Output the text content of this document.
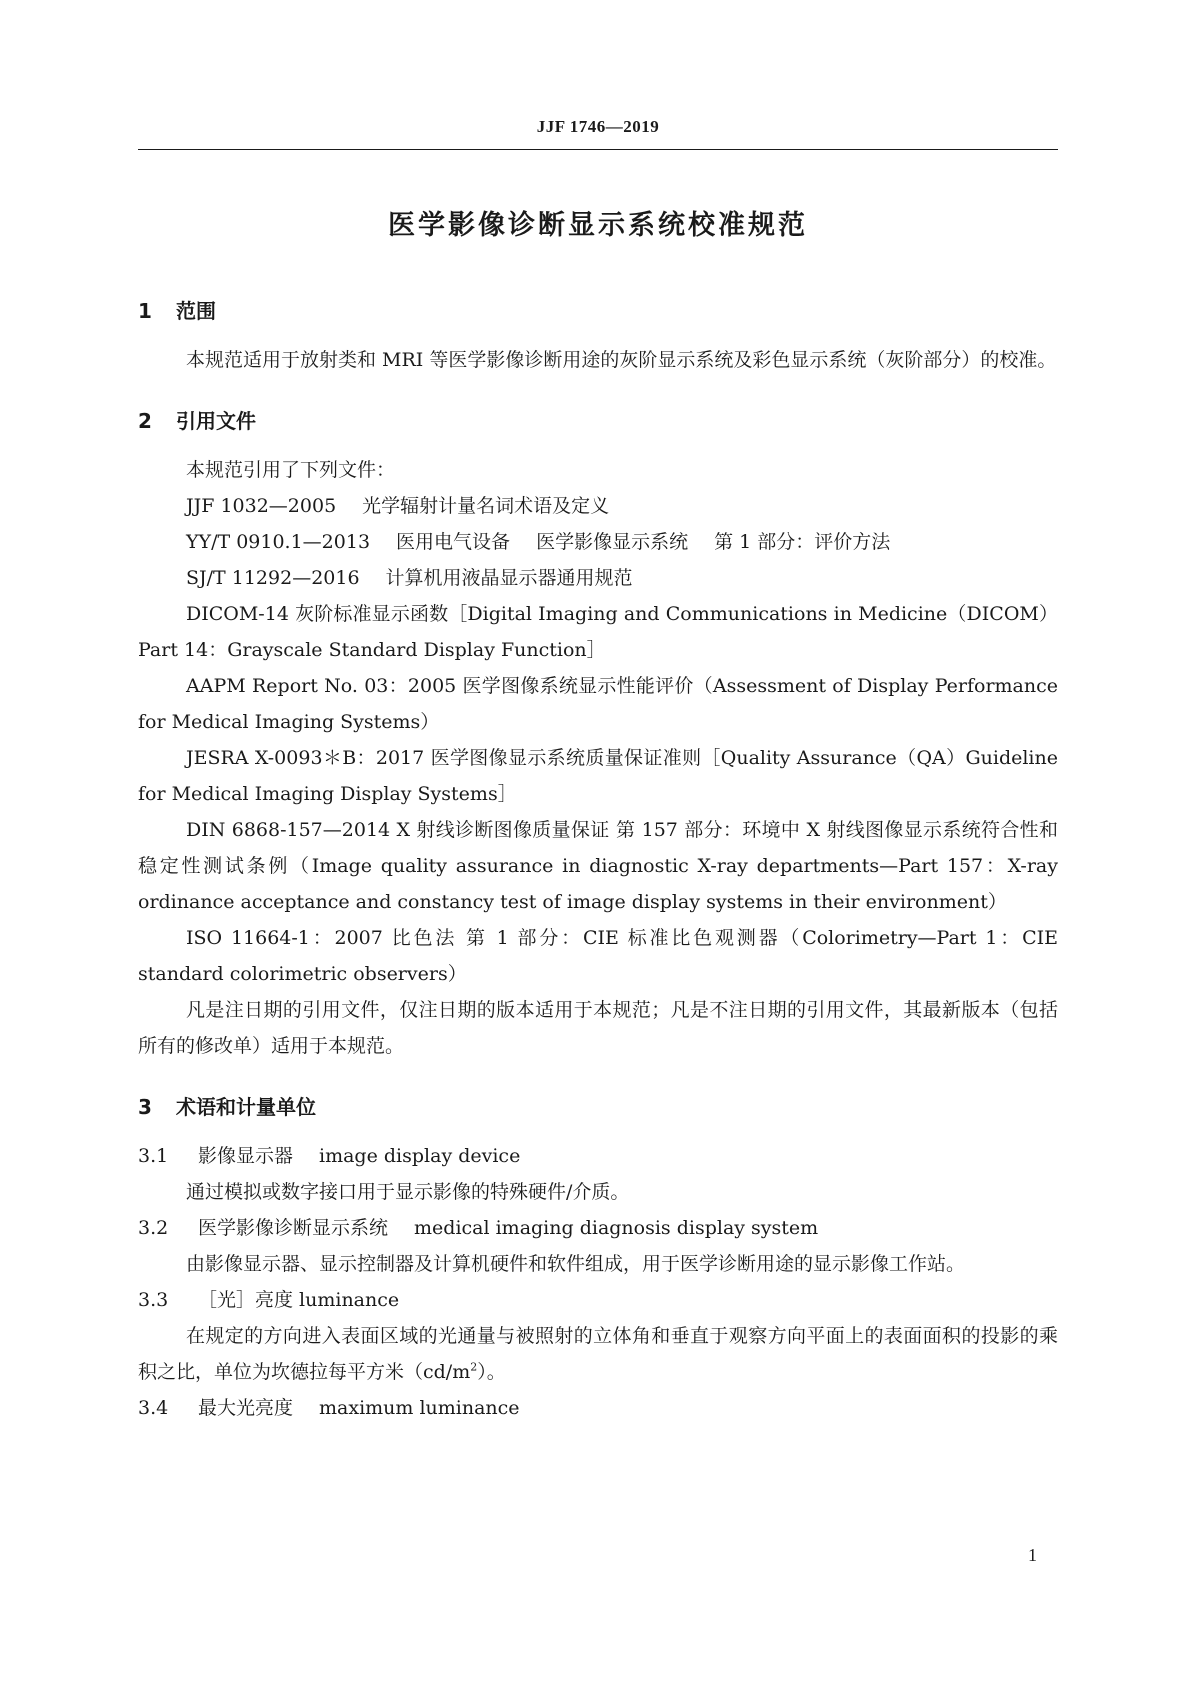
JJF 1746—2019
医学影像诊断显示系统校准规范
1 范围
本规范适用于放射类和 MRI 等医学影像诊断用途的灰阶显示系统及彩色显示系统（灰阶部分）的校准。
2 引用文件
本规范引用了下列文件：
JJF 1032—2005 光学辐射计量名词术语及定义
YY/T 0910.1—2013 医用电气设备 医学影像显示系统 第 1 部分：评价方法
SJ/T 11292—2016 计算机用液晶显示器通用规范
DICOM-14 灰阶标准显示函数［Digital Imaging and Communications in Medicine（DICOM）Part 14：Grayscale Standard Display Function］
AAPM Report No. 03：2005 医学图像系统显示性能评价（Assessment of Display Performance for Medical Imaging Systems）
JESRA X-0093＊B：2017 医学图像显示系统质量保证准则［Quality Assurance（QA）Guideline for Medical Imaging Display Systems］
DIN 6868-157—2014 X 射线诊断图像质量保证 第 157 部分：环境中 X 射线图像显示系统符合性和稳定性测试条例（Image quality assurance in diagnostic X-ray departments—Part 157：X-ray ordinance acceptance and constancy test of image display systems in their environment）
ISO 11664-1：2007 比色法 第 1 部分：CIE 标准比色观测器（Colorimetry—Part 1：CIE standard colorimetric observers）
凡是注日期的引用文件，仅注日期的版本适用于本规范；凡是不注日期的引用文件，其最新版本（包括所有的修改单）适用于本规范。
3 术语和计量单位
3.1 影像显示器 image display device
通过模拟或数字接口用于显示影像的特殊硬件/介质。
3.2 医学影像诊断显示系统 medical imaging diagnosis display system
由影像显示器、显示控制器及计算机硬件和软件组成，用于医学诊断用途的显示影像工作站。
3.3 ［光］亮度 luminance
在规定的方向进入表面区域的光通量与被照射的立体角和垂直于观察方向平面上的表面面积的投影的乘积之比，单位为坎德拉每平方米$(cd/m^2)$。
3.4 最大光亮度 maximum luminance
1
